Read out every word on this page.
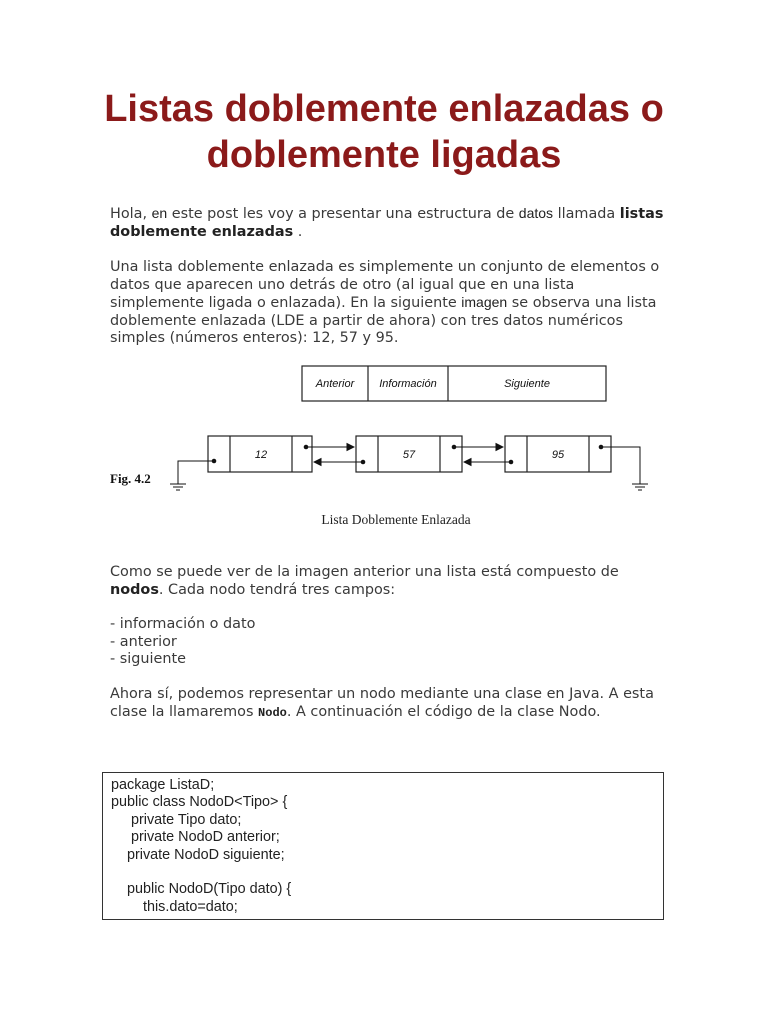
Listas doblemente enlazadas o doblemente ligadas

Hola, en este post les voy a presentar una estructura de datos llamada listas doblemente enlazadas .

Una lista doblemente enlazada es simplemente un conjunto de elementos o datos que aparecen uno detrás de otro (al igual que en una lista simplemente ligada o enlazada). En la siguiente imagen se observa una lista doblemente enlazada (LDE a partir de ahora) con tres datos numéricos simples (números enteros): 12, 57 y 95.

Anterior Información	Siguiente
12	57	95
Fig. 4.2
Lista Doblemente Enlazada

Como se puede ver de la imagen anterior una lista está compuesto de nodos. Cada nodo tendrá tres campos:

- información o dato
- anterior
- siguiente

Ahora sí, podemos representar un nodo mediante una clase en Java. A esta clase la llamaremos Nodo. A continuación el código de la clase Nodo.

package ListaD;
public class NodoD<Tipo> {
private Tipo dato;
private NodoD anterior;
private NodoD siguiente;
public NodoD(Tipo dato) {
this.dato=dato;
